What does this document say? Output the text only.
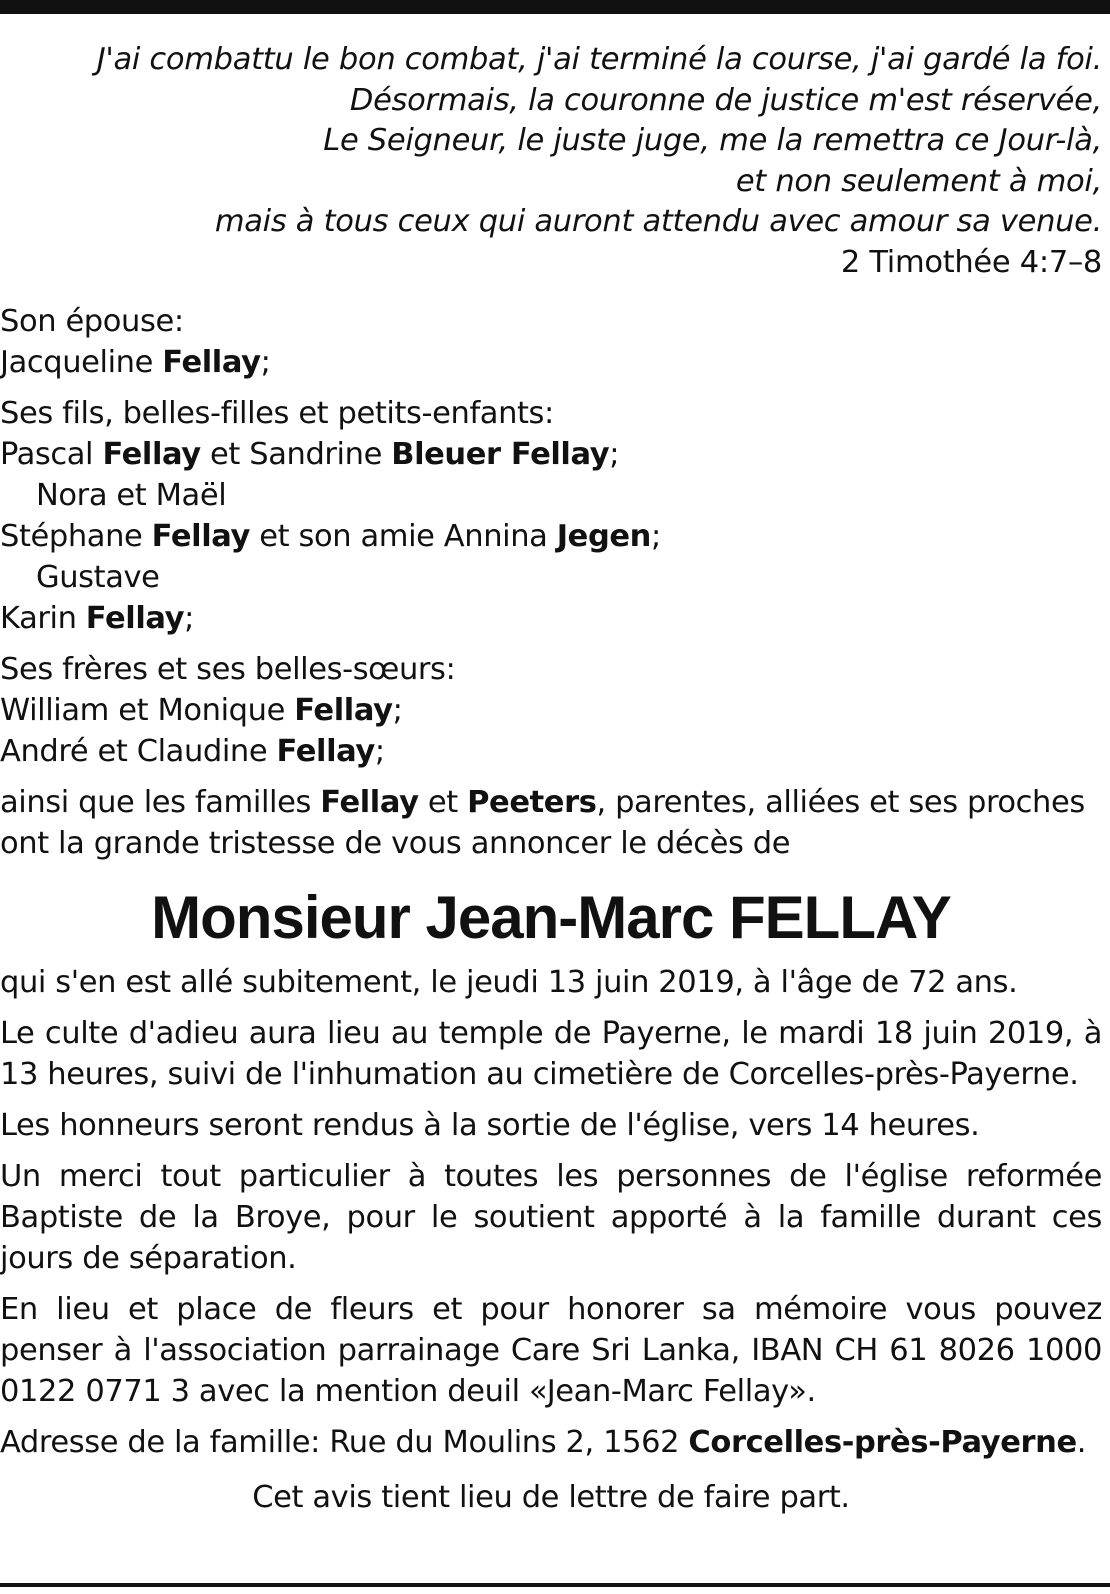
J'ai combattu le bon combat, j'ai terminé la course, j'ai gardé la foi.
Désormais, la couronne de justice m'est réservée,
Le Seigneur, le juste juge, me la remettra ce Jour-là,
et non seulement à moi,
mais à tous ceux qui auront attendu avec amour sa venue.
2 Timothée 4:7–8

Son épouse:

Jacqueline Fellay;

Ses fils, belles-filles et petits-enfants:

Pascal Fellay et Sandrine Bleuer Fellay;

Nora et Maël

Stéphane Fellay et son amie Annina Jegen;

Gustave

Karin Fellay;

Ses frères et ses belles-sœurs:

William et Monique Fellay;

André et Claudine Fellay;

ainsi que les familles Fellay et Peeters, parentes, alliées et ses proches

ont la grande tristesse de vous annoncer le décès de

Monsieur Jean-Marc FELLAY

qui s'en est allé subitement, le jeudi 13 juin 2019, à l'âge de 72 ans.

Le culte d'adieu aura lieu au temple de Payerne, le mardi 18 juin 2019, à 13 heures, suivi de l'inhumation au cimetière de Corcelles-près-Payerne.

Les honneurs seront rendus à la sortie de l'église, vers 14 heures.

Un merci tout particulier à toutes les personnes de l'église reformée Baptiste de la Broye, pour le soutient apporté à la famille durant ces jours de séparation.

En lieu et place de fleurs et pour honorer sa mémoire vous pouvez penser à l'association parrainage Care Sri Lanka, IBAN CH 61 8026 1000 0122 0771 3 avec la mention deuil «Jean-Marc Fellay».

Adresse de la famille: Rue du Moulins 2, 1562 Corcelles-près-Payerne.

Cet avis tient lieu de lettre de faire part.
